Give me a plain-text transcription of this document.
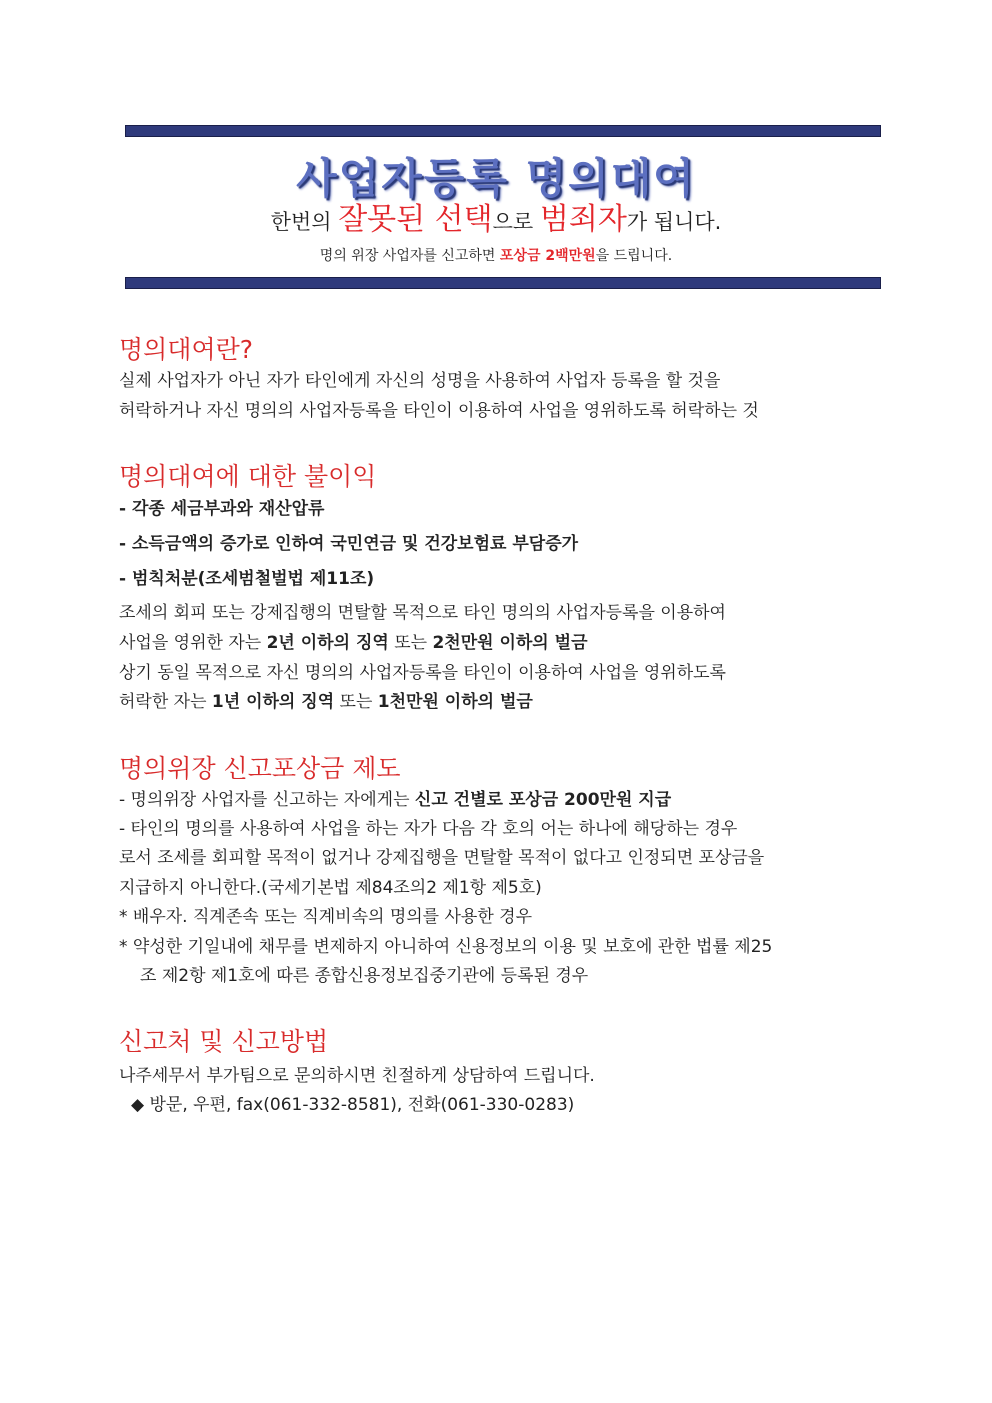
사업자등록 명의대여
한번의 잘못된 선택으로 범죄자가 됩니다.
명의 위장 사업자를 신고하면 포상금 2백만원을 드립니다.
명의대여란?
실제 사업자가 아닌 자가 타인에게 자신의 성명을 사용하여 사업자 등록을 할 것을
허락하거나 자신 명의의 사업자등록을 타인이 이용하여 사업을 영위하도록 허락하는 것
명의대여에 대한 불이익
- 각종 세금부과와 재산압류
- 소득금액의 증가로 인하여 국민연금 및 건강보험료 부담증가
- 범칙처분(조세범철벌법 제11조)
조세의 회피 또는 강제집행의 면탈할 목적으로 타인 명의의 사업자등록을 이용하여
사업을 영위한 자는 2년 이하의 징역 또는 2천만원 이하의 벌금
상기 동일 목적으로 자신 명의의 사업자등록을 타인이 이용하여 사업을 영위하도록
허락한 자는 1년 이하의 징역 또는 1천만원 이하의 벌금
명의위장 신고포상금 제도
- 명의위장 사업자를 신고하는 자에게는 신고 건별로 포상금 200만원 지급
- 타인의 명의를 사용하여 사업을 하는 자가 다음 각 호의 어는 하나에 해당하는 경우
로서 조세를 회피할 목적이 없거나 강제집행을 면탈할 목적이 없다고 인정되면 포상금을
지급하지 아니한다.(국세기본법 제84조의2 제1항 제5호)
* 배우자. 직계존속 또는 직계비속의 명의를 사용한 경우
* 약성한 기일내에 채무를 변제하지 아니하여 신용정보의 이용 및 보호에 관한 법률 제25
조 제2항 제1호에 따른 종합신용정보집중기관에 등록된 경우
신고처 및 신고방법
나주세무서 부가팀으로 문의하시면 친절하게 상담하여 드립니다.
◆ 방문, 우편, fax(061-332-8581), 전화(061-330-0283)
